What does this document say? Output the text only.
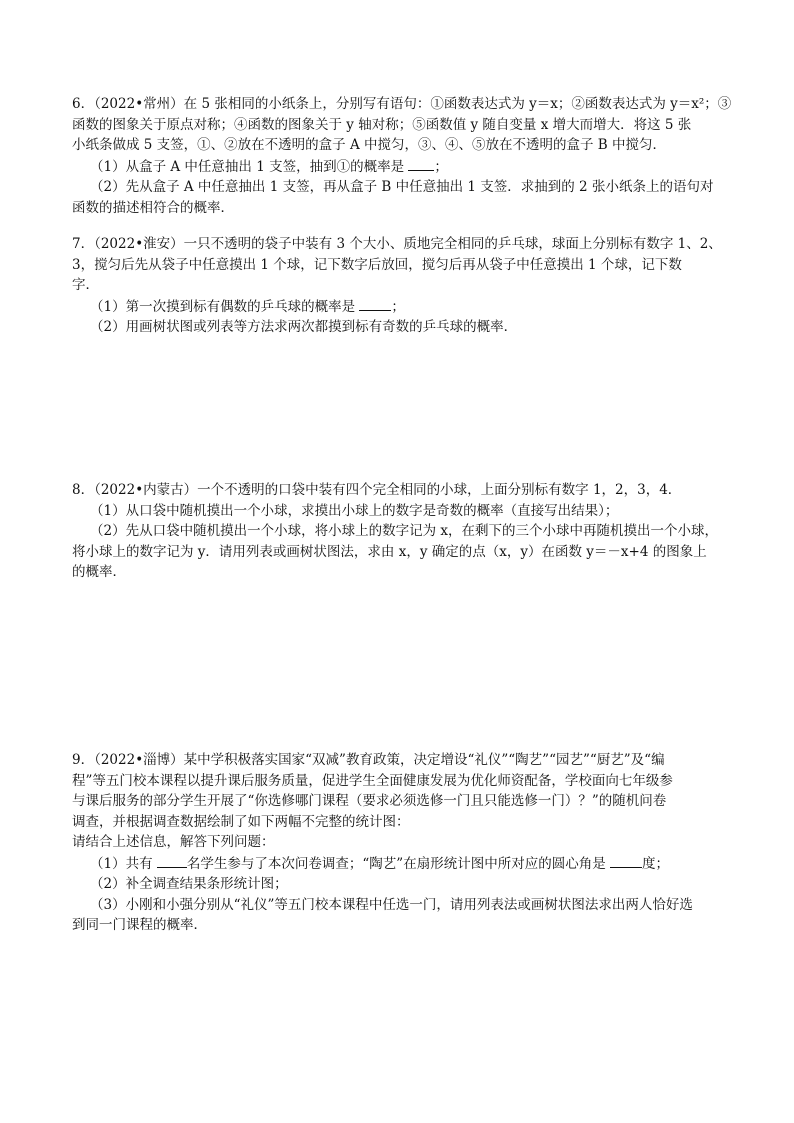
6．（2022•常州）在 5 张相同的小纸条上，分别写有语句：①函数表达式为 y＝x；②函数表达式为 y＝x²；③
函数的图象关于原点对称；④函数的图象关于 y 轴对称；⑤函数值 y 随自变量 x 增大而增大．将这 5 张
小纸条做成 5 支签，①、②放在不透明的盒子 A 中搅匀，③、④、⑤放在不透明的盒子 B 中搅匀．
（1）从盒子 A 中任意抽出 1 支签，抽到①的概率是 ；
（2）先从盒子 A 中任意抽出 1 支签，再从盒子 B 中任意抽出 1 支签．求抽到的 2 张小纸条上的语句对
函数的描述相符合的概率．
7．（2022•淮安）一只不透明的袋子中装有 3 个大小、质地完全相同的乒乓球，球面上分别标有数字 1、2、
3，搅匀后先从袋子中任意摸出 1 个球，记下数字后放回，搅匀后再从袋子中任意摸出 1 个球，记下数
字．
（1）第一次摸到标有偶数的乒乓球的概率是	；
（2）用画树状图或列表等方法求两次都摸到标有奇数的乒乓球的概率．
8．（2022•内蒙古）一个不透明的口袋中装有四个完全相同的小球，上面分别标有数字 1，2，3，4．
（1）从口袋中随机摸出一个小球，求摸出小球上的数字是奇数的概率（直接写出结果）；
（2）先从口袋中随机摸出一个小球，将小球上的数字记为 x，在剩下的三个小球中再随机摸出一个小球，
将小球上的数字记为 y．请用列表或画树状图法，求由 x，y 确定的点（x，y）在函数 y＝－x+4 的图象上
的概率．
9．（2022•淄博）某中学积极落实国家“双减”教育政策，决定增设“礼仪”“陶艺”“园艺”“厨艺”及“编
程”等五门校本课程以提升课后服务质量，促进学生全面健康发展为优化师资配备，学校面向七年级参
与课后服务的部分学生开展了“你选修哪门课程（要求必须选修一门且只能选修一门）？”的随机问卷
调查，并根据调查数据绘制了如下两幅不完整的统计图：
请结合上述信息，解答下列问题：
（1）共有	名学生参与了本次问卷调查；“陶艺”在扇形统计图中所对应的圆心角是	度；
（2）补全调查结果条形统计图；
（3）小刚和小强分别从“礼仪”等五门校本课程中任选一门，请用列表法或画树状图法求出两人恰好选
到同一门课程的概率．
